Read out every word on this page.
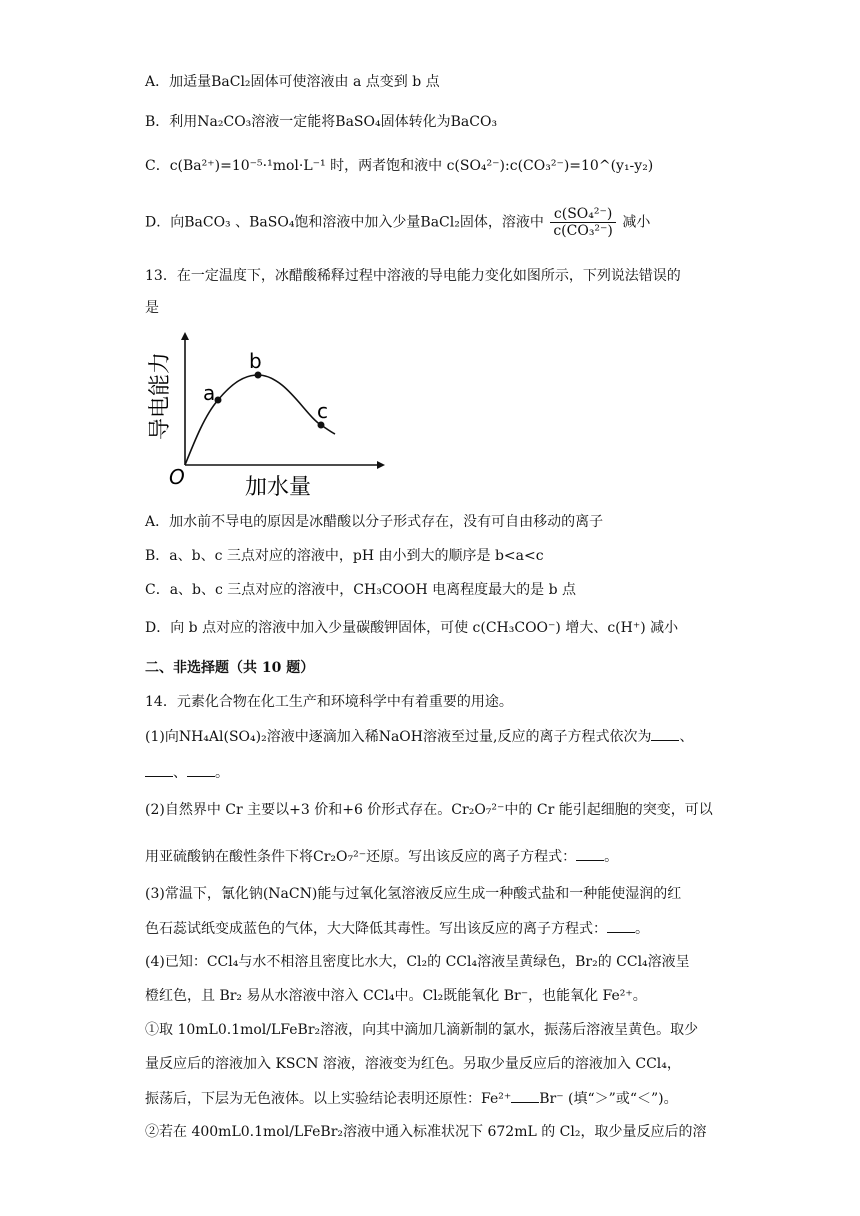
A．加适量BaCl₂固体可使溶液由 a 点变到 b 点
B．利用Na₂CO₃溶液一定能将BaSO₄固体转化为BaCO₃
C．c(Ba²⁺)=10⁻⁵·¹mol·L⁻¹ 时，两者饱和液中 c(SO₄²⁻):c(CO₃²⁻)=10^(y₁-y₂)
D．向BaCO₃ 、BaSO₄饱和溶液中加入少量BaCl₂固体，溶液中 $\frac{\text{c(SO₄²⁻)}}{\text{c(CO₃²⁻)}}$ 减小
13．在一定温度下，冰醋酸稀释过程中溶液的导电能力变化如图所示，下列说法错误的
是
a
b
c
O	加水量
导电能力
A．加水前不导电的原因是冰醋酸以分子形式存在，没有可自由移动的离子
B．a、b、c 三点对应的溶液中，pH 由小到大的顺序是 b<a<c
C．a、b、c 三点对应的溶液中，CH₃COOH 电离程度最大的是 b 点
D．向 b 点对应的溶液中加入少量碳酸钾固体，可使 c(CH₃COO⁻) 增大、c(H⁺) 减小
二、非选择题（共 10 题）
14．元素化合物在化工生产和环境科学中有着重要的用途。
(1)向NH₄Al(SO₄)₂溶液中逐滴加入稀NaOH溶液至过量,反应的离子方程式依次为 、
、 。
(2)自然界中 Cr 主要以+3 价和+6 价形式存在。Cr₂O₇²⁻中的 Cr 能引起细胞的突变，可以
用亚硫酸钠在酸性条件下将Cr₂O₇²⁻还原。写出该反应的离子方程式： 。
(3)常温下，氰化钠(NaCN)能与过氧化氢溶液反应生成一种酸式盐和一种能使湿润的红
色石蕊试纸变成蓝色的气体，大大降低其毒性。写出该反应的离子方程式： 。
(4)已知：CCl₄与水不相溶且密度比水大，Cl₂的 CCl₄溶液呈黄绿色，Br₂的 CCl₄溶液呈
橙红色，且 Br₂ 易从水溶液中溶入 CCl₄中。Cl₂既能氧化 Br⁻，也能氧化 Fe²⁺。
①取 10mL0.1mol/LFeBr₂溶液，向其中滴加几滴新制的氯水，振荡后溶液呈黄色。取少
量反应后的溶液加入 KSCN 溶液，溶液变为红色。另取少量反应后的溶液加入 CCl₄，
振荡后，下层为无色液体。以上实验结论表明还原性：Fe²⁺ Br⁻ (填“＞”或“＜”)。
②若在 400mL0.1mol/LFeBr₂溶液中通入标准状况下 672mL 的 Cl₂，取少量反应后的溶
